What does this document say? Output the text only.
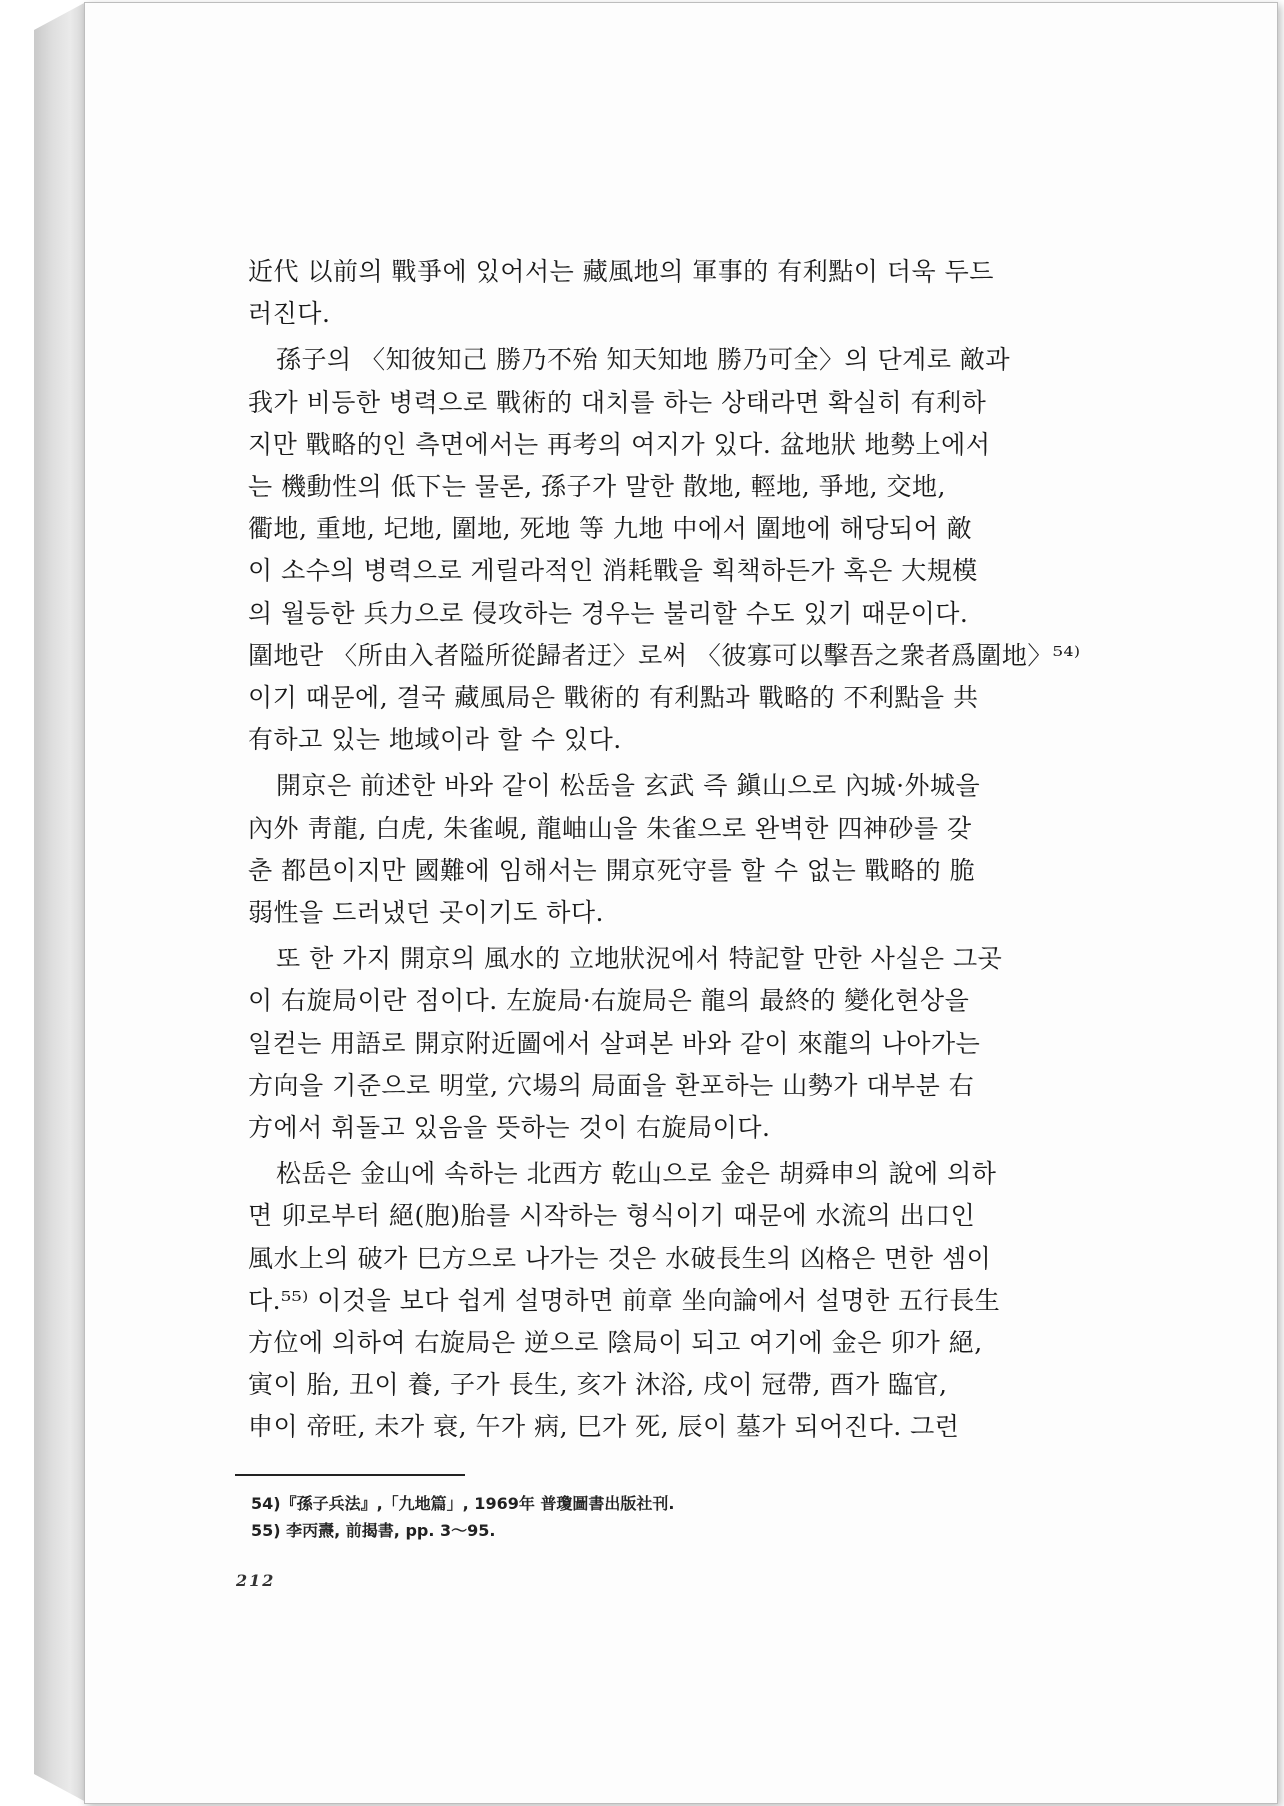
近代 以前의 戰爭에 있어서는 藏風地의 軍事的 有利點이 더욱 두드
러진다.
孫子의 〈知彼知己 勝乃不殆 知天知地 勝乃可全〉의 단계로 敵과
我가 비등한 병력으로 戰術的 대치를 하는 상태라면 확실히 有利하
지만 戰略的인 측면에서는 再考의 여지가 있다. 盆地狀 地勢上에서
는 機動性의 低下는 물론, 孫子가 말한 散地, 輕地, 爭地, 交地,
衢地, 重地, 圮地, 圍地, 死地 等 九地 中에서 圍地에 해당되어 敵
이 소수의 병력으로 게릴라적인 消耗戰을 획책하든가 혹은 大規模
의 월등한 兵力으로 侵攻하는 경우는 불리할 수도 있기 때문이다.
圍地란 〈所由入者隘所從歸者迂〉로써 〈彼寡可以擊吾之衆者爲圍地〉⁵⁴⁾
이기 때문에, 결국 藏風局은 戰術的 有利點과 戰略的 不利點을 共
有하고 있는 地域이라 할 수 있다.
開京은 前述한 바와 같이 松岳을 玄武 즉 鎭山으로 內城·外城을
內外 靑龍, 白虎, 朱雀峴, 龍岫山을 朱雀으로 완벽한 四神砂를 갖
춘 都邑이지만 國難에 임해서는 開京死守를 할 수 없는 戰略的 脆
弱性을 드러냈던 곳이기도 하다.
또 한 가지 開京의 風水的 立地狀況에서 特記할 만한 사실은 그곳
이 右旋局이란 점이다. 左旋局·右旋局은 龍의 最終的 變化현상을
일컫는 用語로 開京附近圖에서 살펴본 바와 같이 來龍의 나아가는
方向을 기준으로 明堂, 穴場의 局面을 환포하는 山勢가 대부분 右
方에서 휘돌고 있음을 뜻하는 것이 右旋局이다.
松岳은 金山에 속하는 北西方 乾山으로 金은 胡舜申의 說에 의하
면 卯로부터 絕(胞)胎를 시작하는 형식이기 때문에 水流의 出口인
風水上의 破가 巳方으로 나가는 것은 水破長生의 凶格은 면한 셈이
다.⁵⁵⁾ 이것을 보다 쉽게 설명하면 前章 坐向論에서 설명한 五行長生
方位에 의하여 右旋局은 逆으로 陰局이 되고 여기에 金은 卯가 絕,
寅이 胎, 丑이 養, 子가 長生, 亥가 沐浴, 戌이 冠帶, 酉가 臨官,
申이 帝旺, 未가 衰, 午가 病, 巳가 死, 辰이 墓가 되어진다. 그런
54)『孫子兵法』,「九地篇」, 1969年 普瓊圖書出版社刊.
55) 李丙燾, 前揭書, pp. 3～95.
212
